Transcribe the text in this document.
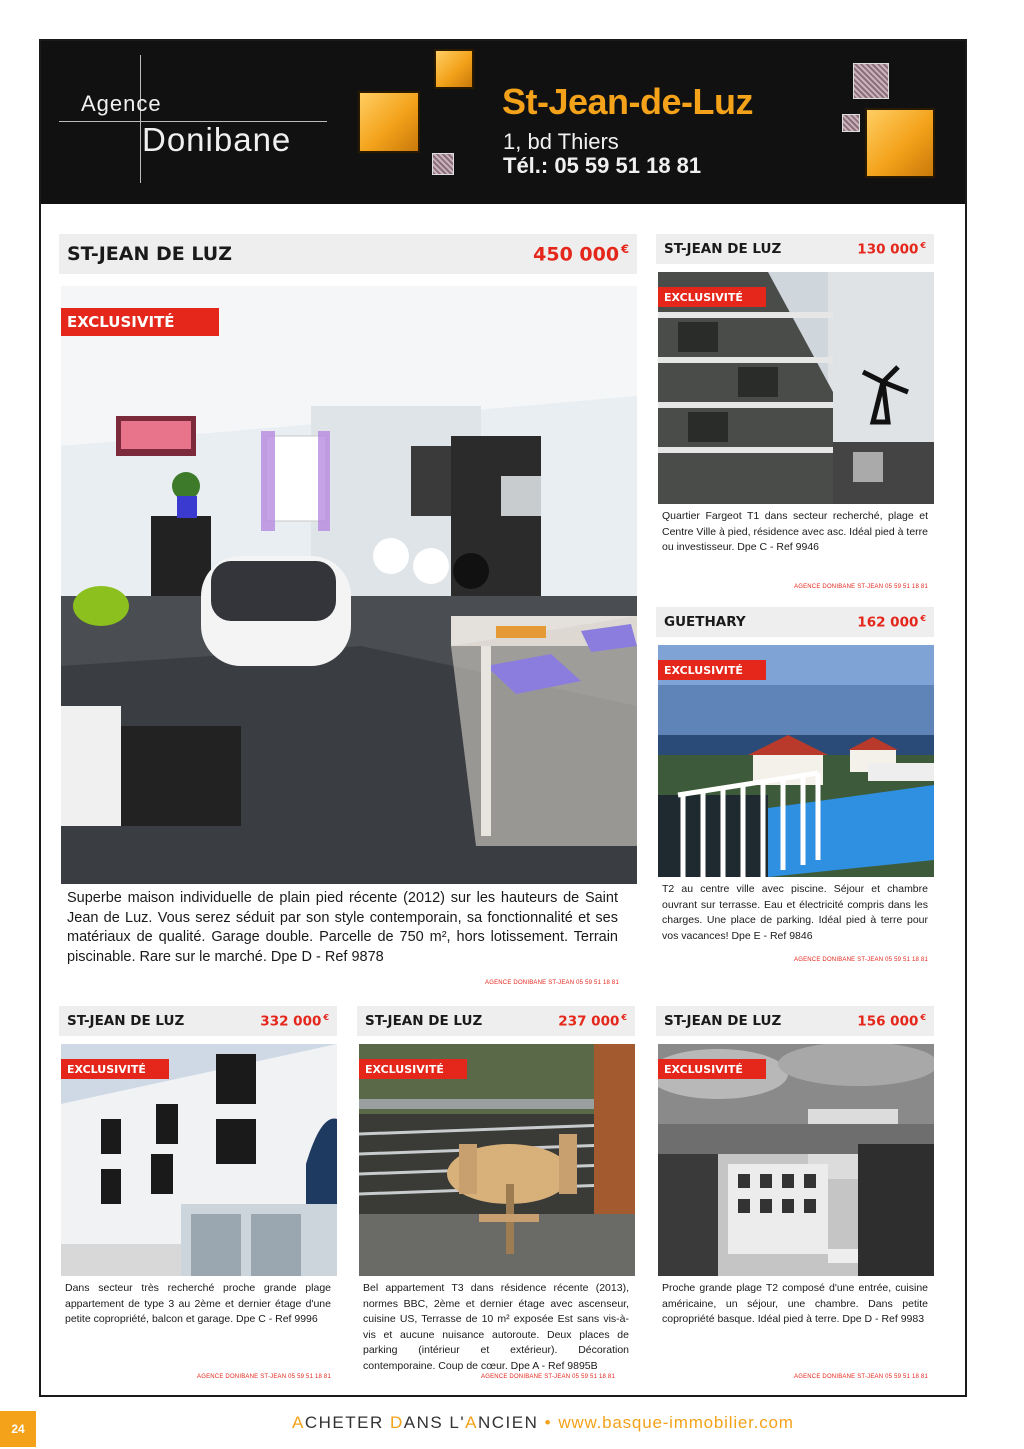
Agence
Donibane
St-Jean-de-Luz
1, bd Thiers
Tél.: 05 59 51 18 81
ST-JEAN DE LUZ	450 000 €
EXCLUSIVITÉ
Superbe maison individuelle de plain pied récente (2012) sur les hauteurs de Saint Jean de Luz. Vous serez séduit par son style contemporain, sa fonctionnalité et ses matériaux de qualité. Garage double. Parcelle de 750 m², hors lotissement. Terrain piscinable. Rare sur le marché. Dpe D - Ref 9878
AGENCE DONIBANE ST-JEAN 05 59 51 18 81
ST-JEAN DE LUZ	130 000 €
EXCLUSIVITÉ
Quartier Fargeot T1 dans secteur recherché, plage et Centre Ville à pied, résidence avec asc. Idéal pied à terre ou investisseur. Dpe C - Ref 9946
AGENCE DONIBANE ST-JEAN 05 59 51 18 81
GUETHARY	162 000 €
EXCLUSIVITÉ
T2 au centre ville avec piscine. Séjour et chambre ouvrant sur terrasse. Eau et électricité compris dans les charges. Une place de parking. Idéal pied à terre pour vos vacances! Dpe E - Ref 9846
AGENCE DONIBANE ST-JEAN 05 59 51 18 81
ST-JEAN DE LUZ	332 000 €
EXCLUSIVITÉ
Dans secteur très recherché proche grande plage appartement de type 3 au 2ème et dernier étage d'une petite copropriété, balcon et garage. Dpe C - Ref 9996
AGENCE DONIBANE ST-JEAN 05 59 51 18 81
ST-JEAN DE LUZ	237 000 €
EXCLUSIVITÉ
Bel appartement T3 dans résidence récente (2013), normes BBC, 2ème et dernier étage avec ascenseur, cuisine US, Terrasse de 10 m² exposée Est sans vis-à-vis et aucune nuisance autoroute. Deux places de parking (intérieur et extérieur). Décoration contemporaine. Coup de cœur. Dpe A - Ref 9895B
AGENCE DONIBANE ST-JEAN 05 59 51 18 81
ST-JEAN DE LUZ	156 000 €
EXCLUSIVITÉ
Proche grande plage T2 composé d'une entrée, cuisine américaine, un séjour, une chambre. Dans petite copropriété basque. Idéal pied à terre. Dpe D - Ref 9983
AGENCE DONIBANE ST-JEAN 05 59 51 18 81
24	ACHETER DANS L'ANCIEN • www.basque-immobilier.com
